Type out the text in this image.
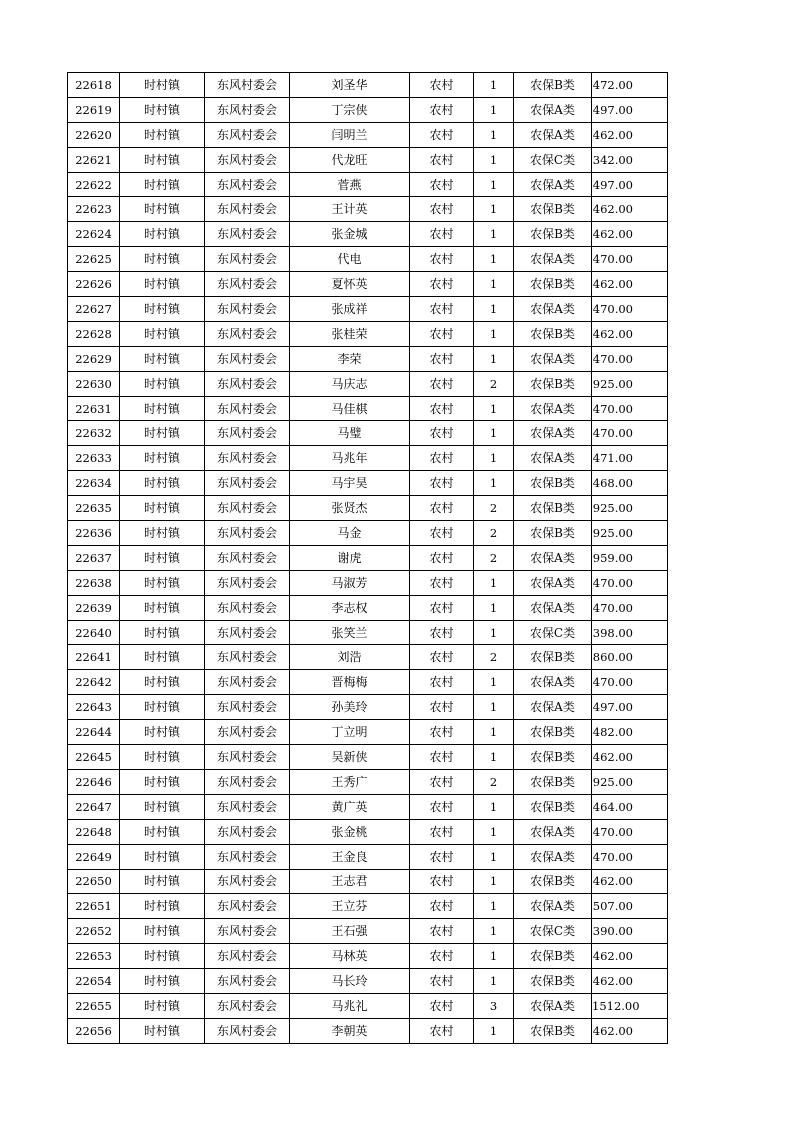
22618	时村镇	东风村委会	刘圣华	农村	1	农保B类	472.00
22619	时村镇	东风村委会	丁宗侠	农村	1	农保A类	497.00
22620	时村镇	东风村委会	闫明兰	农村	1	农保A类	462.00
22621	时村镇	东风村委会	代龙旺	农村	1	农保C类	342.00
22622	时村镇	东风村委会	菅燕	农村	1	农保A类	497.00
22623	时村镇	东风村委会	王计英	农村	1	农保B类	462.00
22624	时村镇	东风村委会	张金城	农村	1	农保B类	462.00
22625	时村镇	东风村委会	代电	农村	1	农保A类	470.00
22626	时村镇	东风村委会	夏怀英	农村	1	农保B类	462.00
22627	时村镇	东风村委会	张成祥	农村	1	农保A类	470.00
22628	时村镇	东风村委会	张桂荣	农村	1	农保B类	462.00
22629	时村镇	东风村委会	李荣	农村	1	农保A类	470.00
22630	时村镇	东风村委会	马庆志	农村	2	农保B类	925.00
22631	时村镇	东风村委会	马佳棋	农村	1	农保A类	470.00
22632	时村镇	东风村委会	马璧	农村	1	农保A类	470.00
22633	时村镇	东风村委会	马兆年	农村	1	农保A类	471.00
22634	时村镇	东风村委会	马宇昊	农村	1	农保B类	468.00
22635	时村镇	东风村委会	张贤杰	农村	2	农保B类	925.00
22636	时村镇	东风村委会	马金	农村	2	农保B类	925.00
22637	时村镇	东风村委会	谢虎	农村	2	农保A类	959.00
22638	时村镇	东风村委会	马淑芳	农村	1	农保A类	470.00
22639	时村镇	东风村委会	李志权	农村	1	农保A类	470.00
22640	时村镇	东风村委会	张笑兰	农村	1	农保C类	398.00
22641	时村镇	东风村委会	刘浩	农村	2	农保B类	860.00
22642	时村镇	东风村委会	晋梅梅	农村	1	农保A类	470.00
22643	时村镇	东风村委会	孙美玲	农村	1	农保A类	497.00
22644	时村镇	东风村委会	丁立明	农村	1	农保B类	482.00
22645	时村镇	东风村委会	吴新侠	农村	1	农保B类	462.00
22646	时村镇	东风村委会	王秀广	农村	2	农保B类	925.00
22647	时村镇	东风村委会	黄广英	农村	1	农保B类	464.00
22648	时村镇	东风村委会	张金桃	农村	1	农保A类	470.00
22649	时村镇	东风村委会	王金良	农村	1	农保A类	470.00
22650	时村镇	东风村委会	王志君	农村	1	农保B类	462.00
22651	时村镇	东风村委会	王立芬	农村	1	农保A类	507.00
22652	时村镇	东风村委会	王石强	农村	1	农保C类	390.00
22653	时村镇	东风村委会	马林英	农村	1	农保B类	462.00
22654	时村镇	东风村委会	马长玲	农村	1	农保B类	462.00
22655	时村镇	东风村委会	马兆礼	农村	3	农保A类	1512.00
22656	时村镇	东风村委会	李朝英	农村	1	农保B类	462.00
